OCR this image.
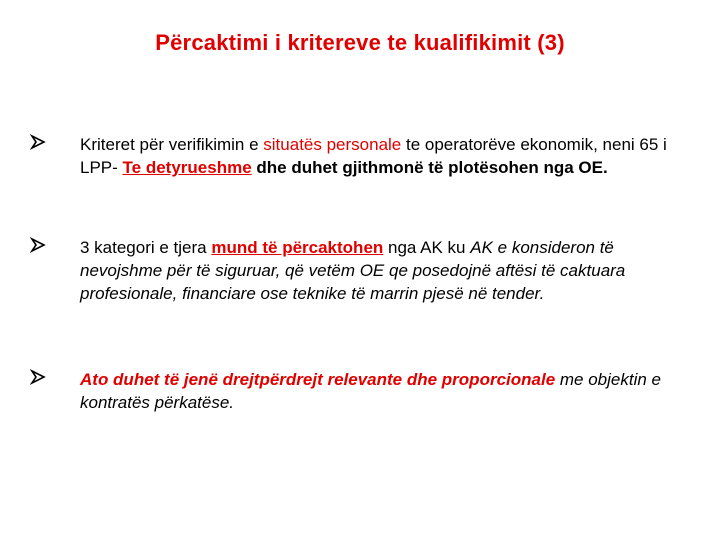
Përcaktimi i kritereve te kualifikimit (3)
Kriteret për verifikimin e situatës personale te operatorëve ekonomik, neni 65 i LPP- Te detyrueshme dhe duhet gjithmonë të plotësohen nga OE.
3 kategori e tjera mund të përcaktohen nga AK ku AK e konsideron të nevojshme për të siguruar, që vetëm OE qe posedojnë aftësi të caktuara profesionale, financiare ose teknike të marrin pjesë në tender.
Ato duhet të jenë drejtpërdrejt relevante dhe proporcionale me objektin e kontratës përkatëse.
